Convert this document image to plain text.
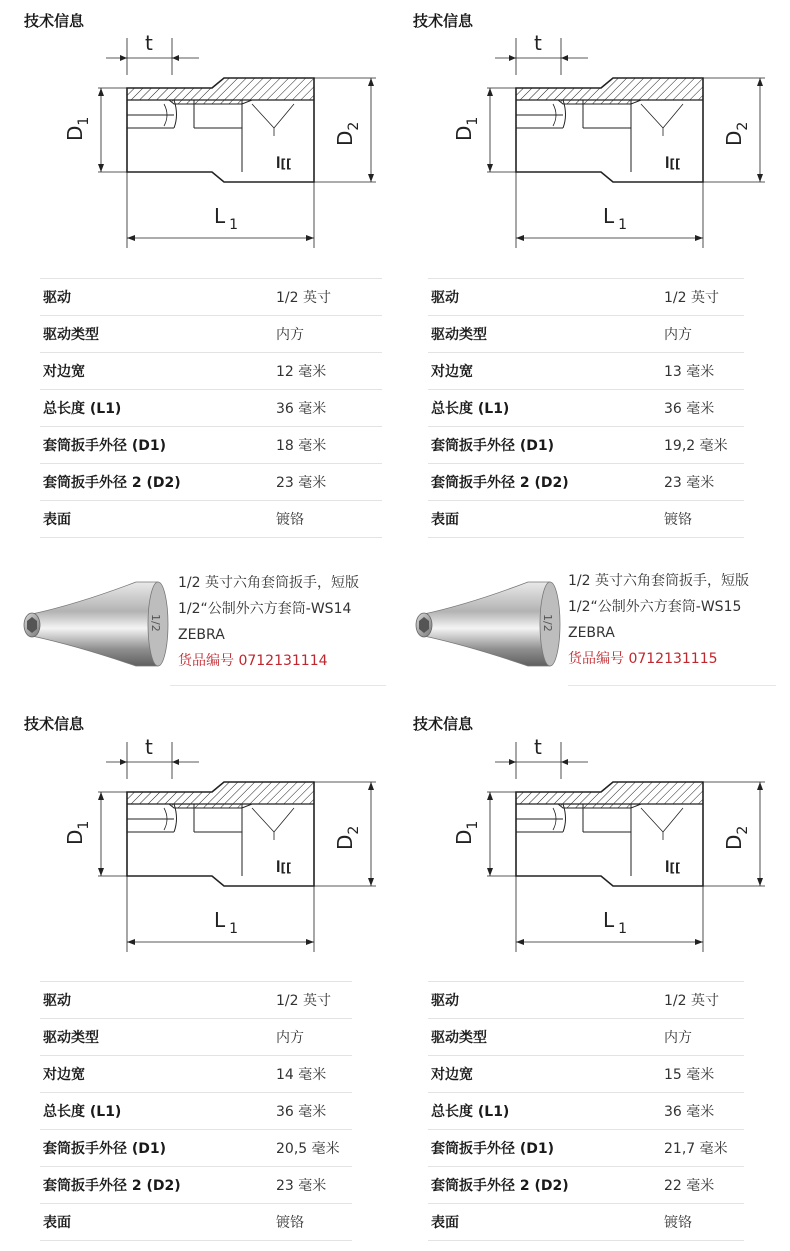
技术信息
t
$D_1$
$D_2$
L $_1$
驱动	1/2 英寸
驱动类型	内方
对边宽	12 毫米
总长度 (L1)	36 毫米
套筒扳手外径 (D1)	18 毫米
套筒扳手外径 2 (D2)	23 毫米
表面	镀铬
技术信息
t
$D_1$
$D_2$
L $_1$
驱动	1/2 英寸
驱动类型	内方
对边宽	13 毫米
总长度 (L1)	36 毫米
套筒扳手外径 (D1)	19,2 毫米
套筒扳手外径 2 (D2)	23 毫米
表面	镀铬
1/2
1/2 英寸六角套筒扳手，短版
1/2“公制外六方套筒-WS14
ZEBRA
货品编号 0712131114
1/2
1/2 英寸六角套筒扳手，短版
1/2“公制外六方套筒-WS15
ZEBRA
货品编号 0712131115
技术信息
t
$D_1$
$D_2$
L $_1$
驱动	1/2 英寸
驱动类型	内方
对边宽	14 毫米
总长度 (L1)	36 毫米
套筒扳手外径 (D1)	20,5 毫米
套筒扳手外径 2 (D2)	23 毫米
表面	镀铬
技术信息
t
$D_1$
$D_2$
L $_1$
驱动	1/2 英寸
驱动类型	内方
对边宽	15 毫米
总长度 (L1)	36 毫米
套筒扳手外径 (D1)	21,7 毫米
套筒扳手外径 2 (D2)	22 毫米
表面	镀铬
